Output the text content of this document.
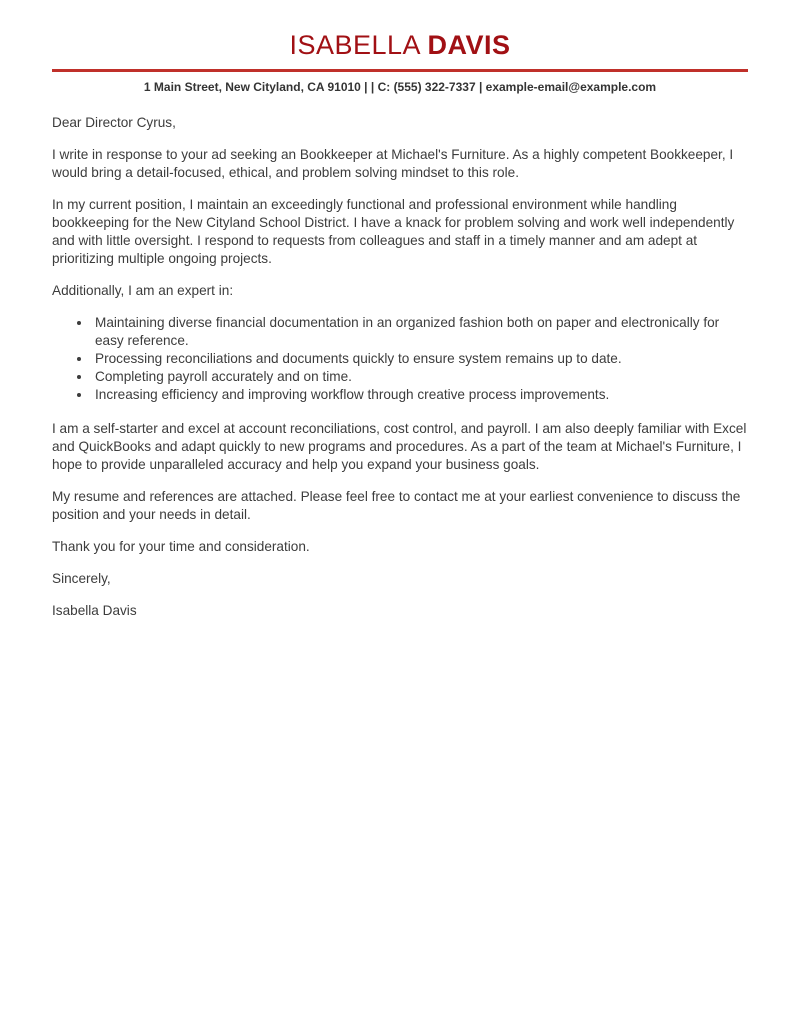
ISABELLA DAVIS
1 Main Street, New Cityland, CA 91010 | | C: (555) 322-7337 | example-email@example.com

Dear Director Cyrus,

I write in response to your ad seeking an Bookkeeper at Michael's Furniture. As a highly competent Bookkeeper, I would bring a detail-focused, ethical, and problem solving mindset to this role.

In my current position, I maintain an exceedingly functional and professional environment while handling bookkeeping for the New Cityland School District. I have a knack for problem solving and work well independently and with little oversight. I respond to requests from colleagues and staff in a timely manner and am adept at prioritizing multiple ongoing projects.

Additionally, I am an expert in:

• Maintaining diverse financial documentation in an organized fashion both on paper and electronically for easy reference.
• Processing reconciliations and documents quickly to ensure system remains up to date.
• Completing payroll accurately and on time.
• Increasing efficiency and improving workflow through creative process improvements.

I am a self-starter and excel at account reconciliations, cost control, and payroll. I am also deeply familiar with Excel and QuickBooks and adapt quickly to new programs and procedures. As a part of the team at Michael's Furniture, I hope to provide unparalleled accuracy and help you expand your business goals.

My resume and references are attached. Please feel free to contact me at your earliest convenience to discuss the position and your needs in detail.

Thank you for your time and consideration.

Sincerely,

Isabella Davis
